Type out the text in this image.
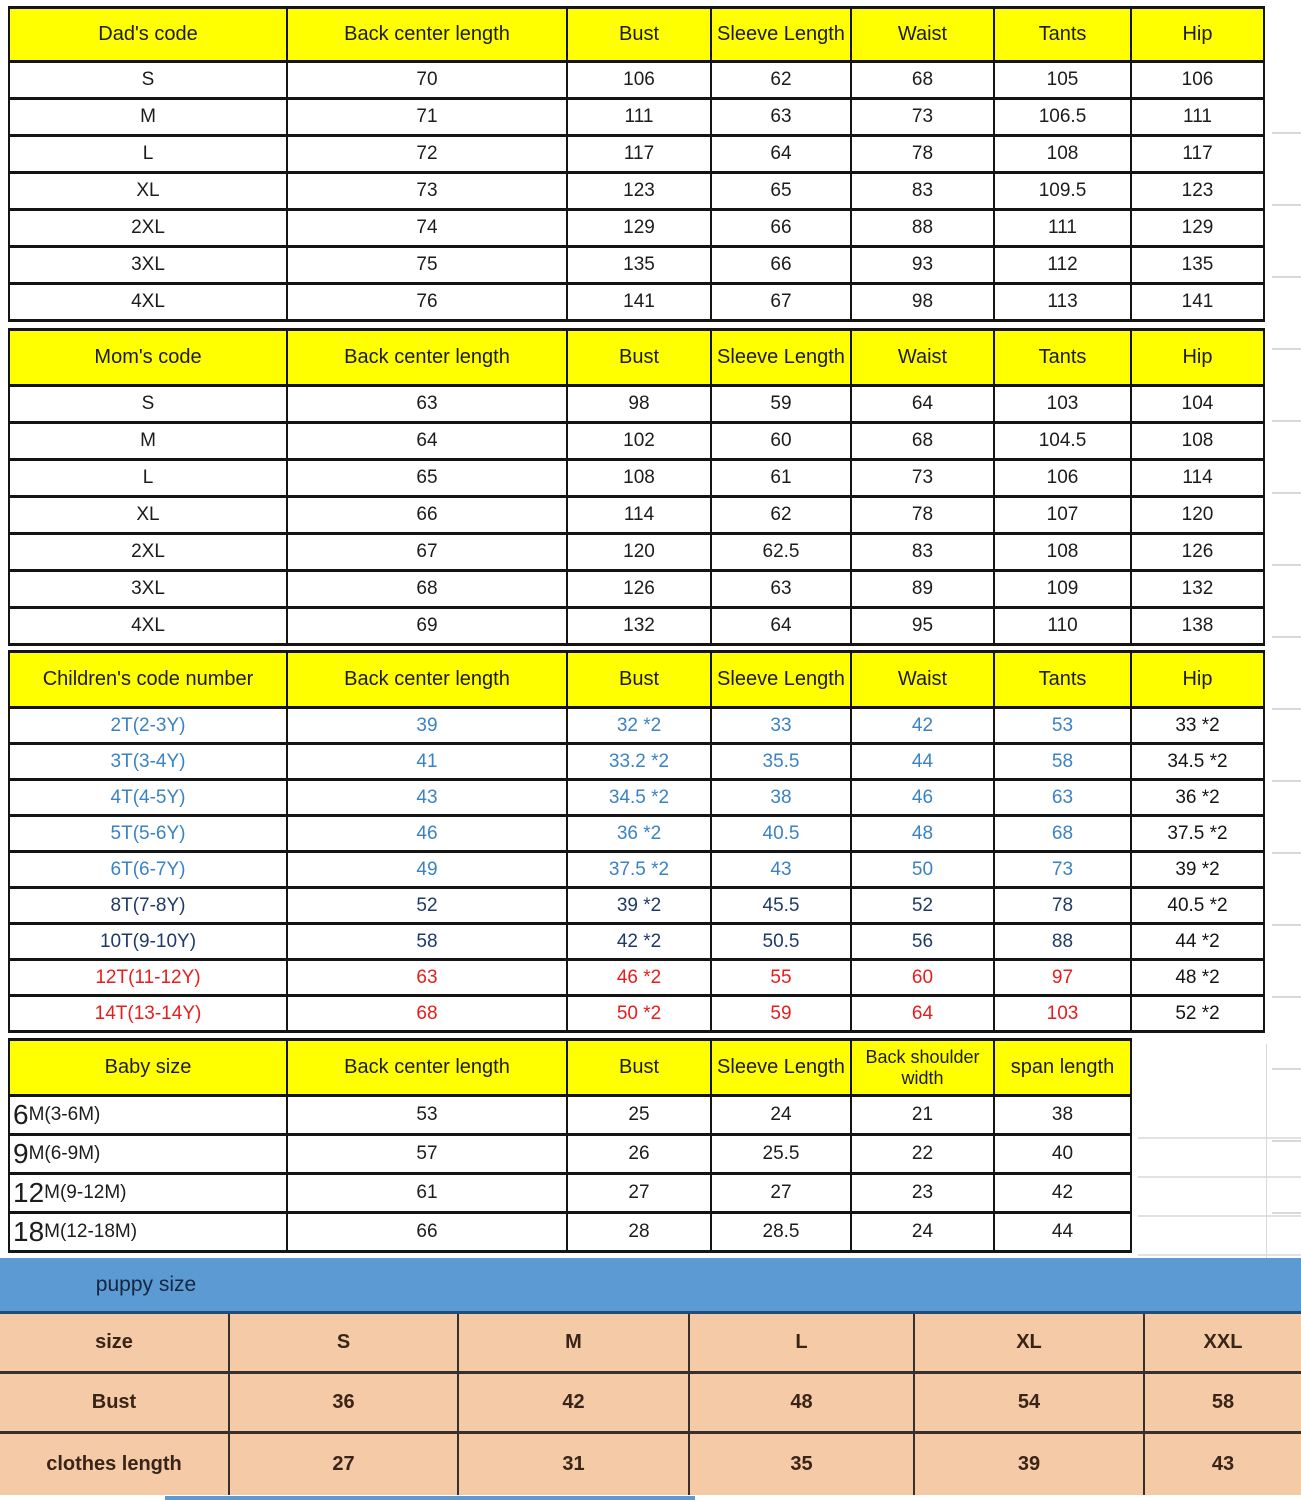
Dad's code	Back center length	Bust	Sleeve Length	Waist	Tants	Hip
S	70	106	62	68	105	106
M	71	111	63	73	106.5	111
L	72	117	64	78	108	117
XL	73	123	65	83	109.5	123
2XL	74	129	66	88	111	129
3XL	75	135	66	93	112	135
4XL	76	141	67	98	113	141
Mom's code	Back center length	Bust	Sleeve Length	Waist	Tants	Hip
S	63	98	59	64	103	104
M	64	102	60	68	104.5	108
L	65	108	61	73	106	114
XL	66	114	62	78	107	120
2XL	67	120	62.5	83	108	126
3XL	68	126	63	89	109	132
4XL	69	132	64	95	110	138
Children's code number	Back center length	Bust	Sleeve Length	Waist	Tants	Hip
2T(2-3Y)	39	32 *2	33	42	53	33 *2
3T(3-4Y)	41	33.2 *2	35.5	44	58	34.5 *2
4T(4-5Y)	43	34.5 *2	38	46	63	36 *2
5T(5-6Y)	46	36 *2	40.5	48	68	37.5 *2
6T(6-7Y)	49	37.5 *2	43	50	73	39 *2
8T(7-8Y)	52	39 *2	45.5	52	78	40.5 *2
10T(9-10Y)	58	42 *2	50.5	56	88	44 *2
12T(11-12Y)	63	46 *2	55	60	97	48 *2
14T(13-14Y)	68	50 *2	59	64	103	52 *2
Baby size	Back center length	Bust	Sleeve Length	Back shoulder width	span length
6 M(3-6M)	53	25	24	21	38
9 M(6-9M)	57	26	25.5	22	40
12 M(9-12M)	61	27	27	23	42
18 M(12-18M)	66	28	28.5	24	44
puppy size
size	S	M	L	XL	XXL
Bust	36	42	48	54	58
clothes length	27	31	35	39	43
